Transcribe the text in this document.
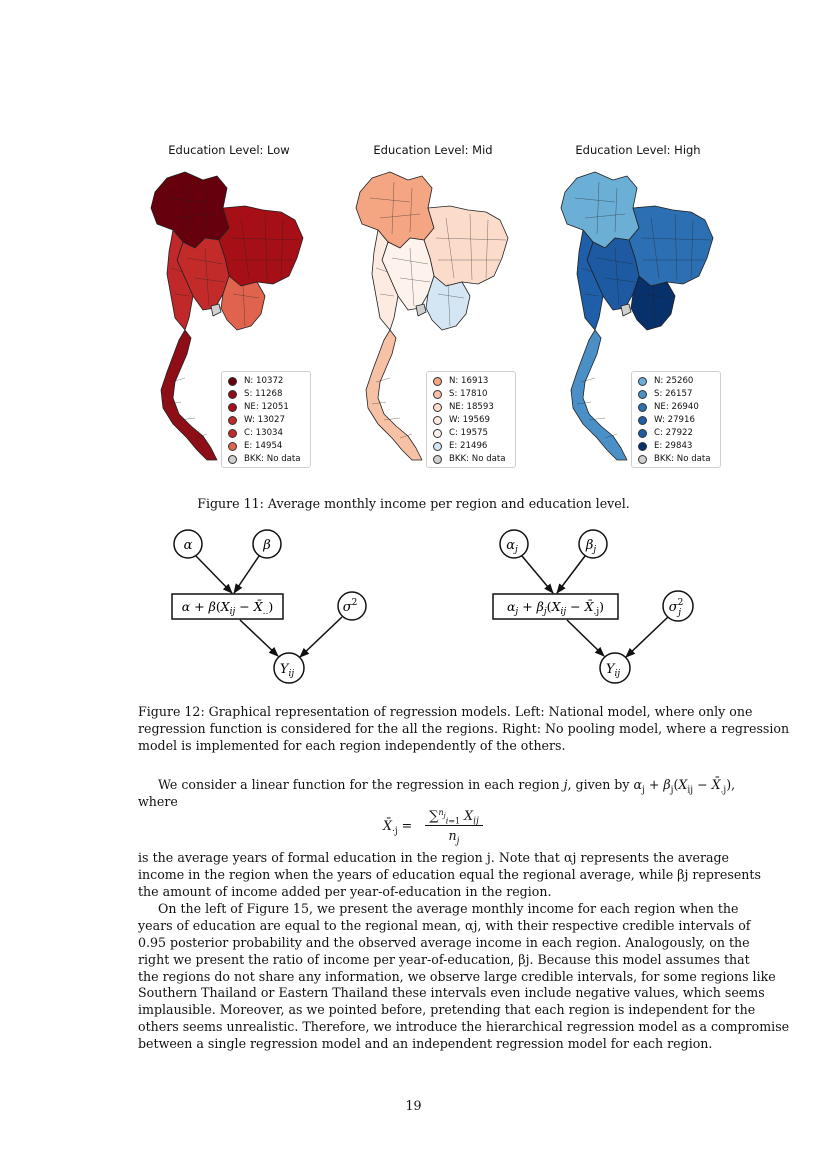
Education Level: Low
N: 10372
S: 11268
NE: 12051
W: 13027
C: 13034
E: 14954
BKK: No data
Education Level: Mid
N: 16913
S: 17810
NE: 18593
W: 19569
C: 19575
E: 21496
BKK: No data
Education Level: High
N: 25260
S: 26157
NE: 26940
W: 27916
C: 27922
E: 29843
BKK: No data
Figure 11: Average monthly income per region and education level.
α	β
$\alpha + \beta(X_{ij}$ − $X̄_{..}$)	$\sigma^2$
$Y_{ij}$
$\alpha_j$	$\beta_j$
$\alpha_j + \beta_j(X_{ij}$ − $X̄_{.j}$)	$\sigma^2$ j
$Y_{ij}$
Figure 12: Graphical representation of regression models. Left: National model, where only one
regression function is considered for the all the regions. Right: No pooling model, where a regression
model is implemented for each region independently of the others.
We consider a linear function for the regression in each region j, given by $\alpha_j + \beta_j(X_{ij}$ − $X̄_{.j}$),
where
$X̄_{\cdot j}$ =
∑$^{n_j}_{i=1}$ $X_{ij}$
$n_j$
is the average years of formal education in the region j. Note that αj represents the average
income in the region when the years of education equal the regional average, while βj represents
the amount of income added per year-of-education in the region.
On the left of Figure 15, we present the average monthly income for each region when the
years of education are equal to the regional mean, αj, with their respective credible intervals of
0.95 posterior probability and the observed average income in each region. Analogously, on the
right we present the ratio of income per year-of-education, βj. Because this model assumes that
the regions do not share any information, we observe large credible intervals, for some regions like
Southern Thailand or Eastern Thailand these intervals even include negative values, which seems
implausible. Moreover, as we pointed before, pretending that each region is independent for the
others seems unrealistic. Therefore, we introduce the hierarchical regression model as a compromise
between a single regression model and an independent regression model for each region.
19
